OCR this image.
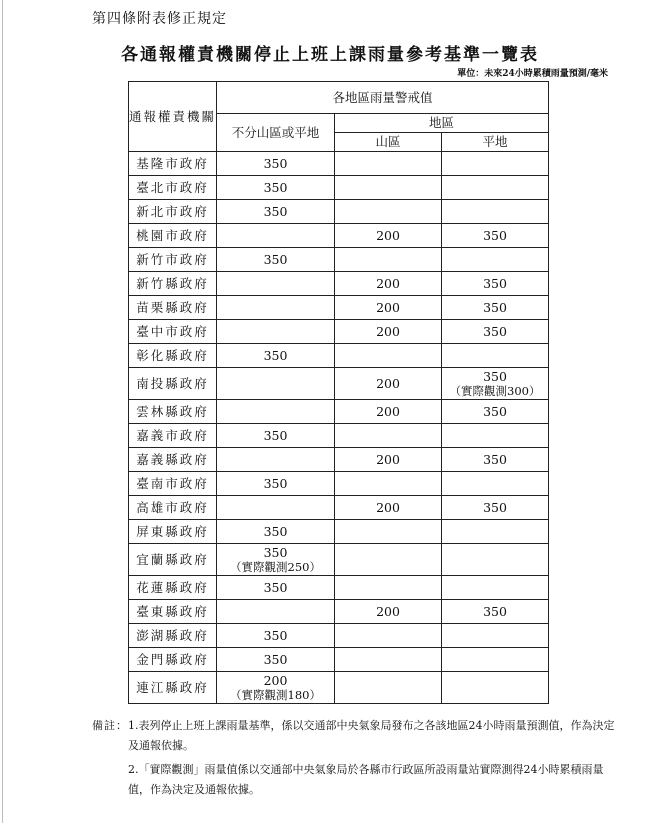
第四條附表修正規定
各通報權責機關停止上班上課雨量參考基準一覽表
單位：未來24小時累積雨量預測/毫米
通報權責機關	各地區雨量警戒值		
	不分山區或平地	地區	
		山區	平地
基隆市政府	350		
臺北市政府	350		
新北市政府	350		
桃園市政府		200	350
新竹市政府	350		
新竹縣政府		200	350
苗栗縣政府		200	350
臺中市政府		200	350
彰化縣政府	350		
南投縣政府		200	350
（實際觀測300）

雲林縣政府		200	350
嘉義市政府	350		
嘉義縣政府		200	350
臺南市政府	350		
高雄市政府		200	350
屏東縣政府	350		
宜蘭縣政府	350
（實際觀測250）		

花蓮縣政府	350		
臺東縣政府		200	350
澎湖縣政府	350		
金門縣政府	350		
連江縣政府	200
（實際觀測180）		

備註： 1.表列停止上班上課雨量基準，係以交通部中央氣象局發布之各該地區24小時雨量預測值，作為決定及通報依據。
2.「實際觀測」雨量值係以交通部中央氣象局於各縣市行政區所設雨量站實際測得24小時累積雨量值，作為決定及通報依據。
